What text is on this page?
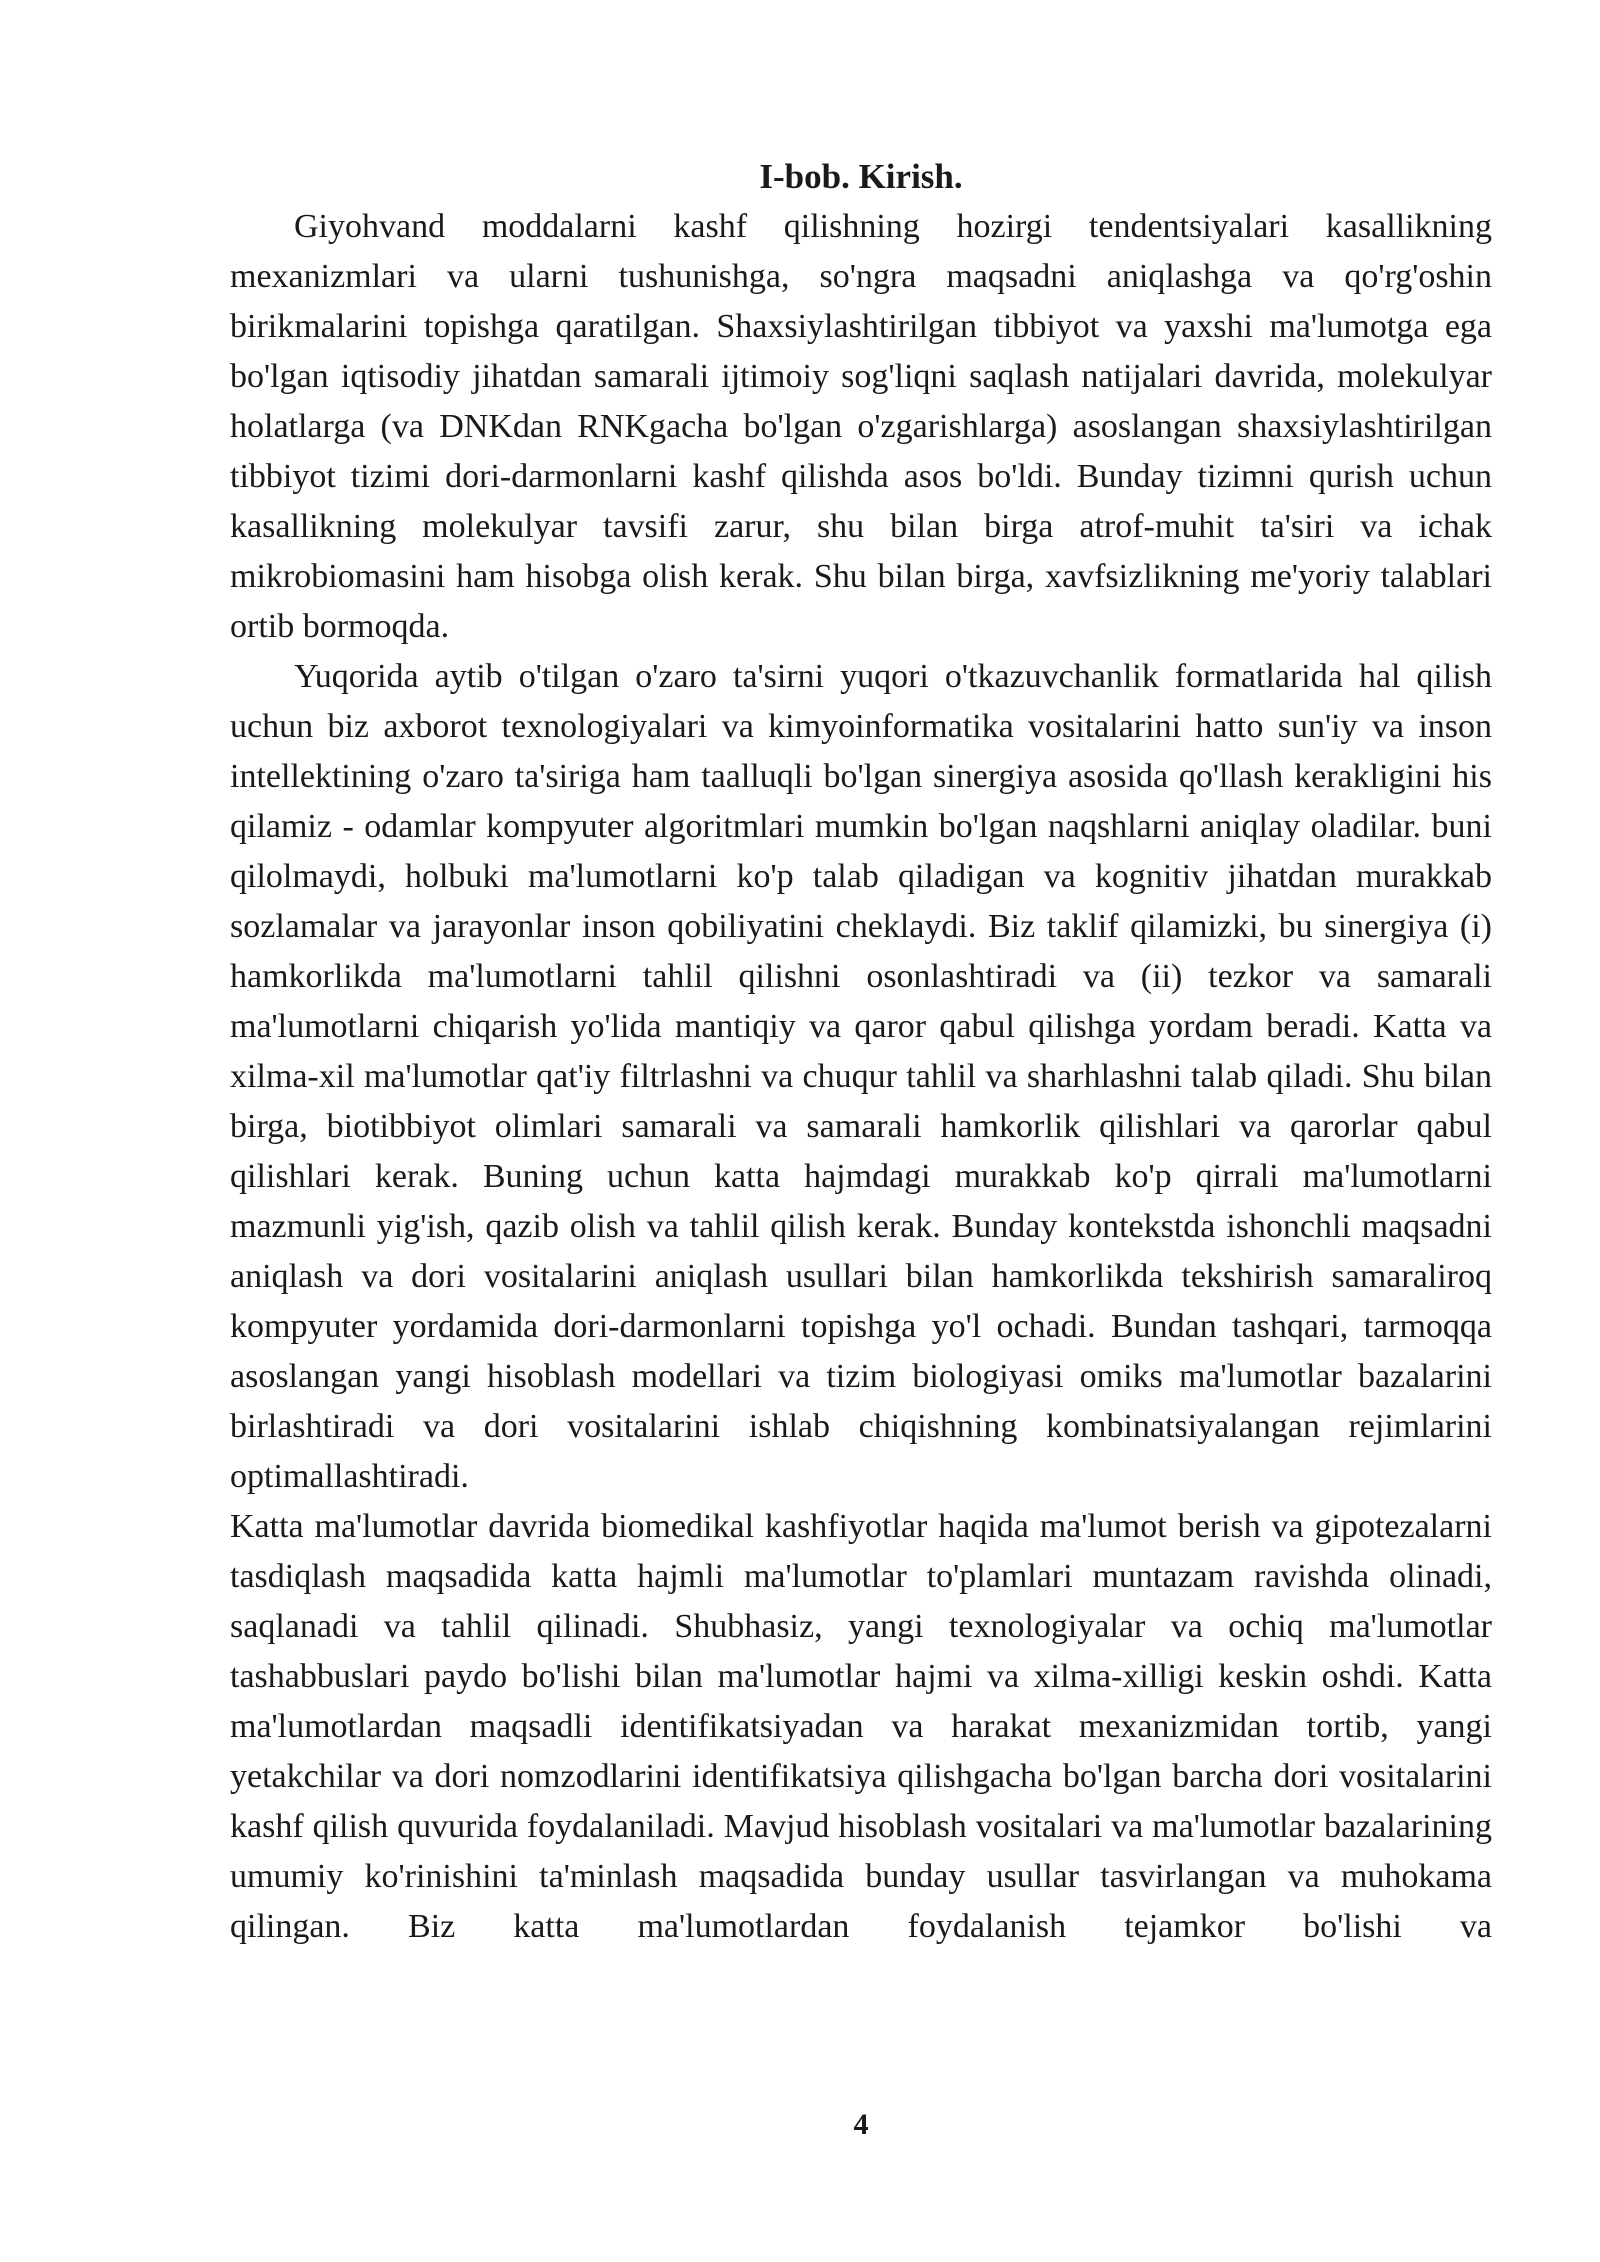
I-bob. Kirish.

Giyohvand moddalarni kashf qilishning hozirgi tendentsiyalari kasallikning mexanizmlari va ularni tushunishga, so'ngra maqsadni aniqlashga va qo'rg'oshin birikmalarini topishga qaratilgan. Shaxsiylashtirilgan tibbiyot va yaxshi ma'lumotga ega bo'lgan iqtisodiy jihatdan samarali ijtimoiy sog'liqni saqlash natijalari davrida, molekulyar holatlarga (va DNKdan RNKgacha bo'lgan o'zgarishlarga) asoslangan shaxsiylashtirilgan tibbiyot tizimi dori-darmonlarni kashf qilishda asos bo'ldi. Bunday tizimni qurish uchun kasallikning molekulyar tavsifi zarur, shu bilan birga atrof-muhit ta'siri va ichak mikrobiomasini ham hisobga olish kerak. Shu bilan birga, xavfsizlikning me'yoriy talablari ortib bormoqda.

Yuqorida aytib o'tilgan o'zaro ta'sirni yuqori o'tkazuvchanlik formatlarida hal qilish uchun biz axborot texnologiyalari va kimyoinformatika vositalarini hatto sun'iy va inson intellektining o'zaro ta'siriga ham taalluqli bo'lgan sinergiya asosida qo'llash kerakligini his qilamiz - odamlar kompyuter algoritmlari mumkin bo'lgan naqshlarni aniqlay oladilar. buni qilolmaydi, holbuki ma'lumotlarni ko'p talab qiladigan va kognitiv jihatdan murakkab sozlamalar va jarayonlar inson qobiliyatini cheklaydi. Biz taklif qilamizki, bu sinergiya (i) hamkorlikda ma'lumotlarni tahlil qilishni osonlashtiradi va (ii) tezkor va samarali ma'lumotlarni chiqarish yo'lida mantiqiy va qaror qabul qilishga yordam beradi. Katta va xilma-xil ma'lumotlar qat'iy filtrlashni va chuqur tahlil va sharhlashni talab qiladi. Shu bilan birga, biotibbiyot olimlari samarali va samarali hamkorlik qilishlari va qarorlar qabul qilishlari kerak. Buning uchun katta hajmdagi murakkab ko'p qirrali ma'lumotlarni mazmunli yig'ish, qazib olish va tahlil qilish kerak. Bunday kontekstda ishonchli maqsadni aniqlash va dori vositalarini aniqlash usullari bilan hamkorlikda tekshirish samaraliroq kompyuter yordamida dori-darmonlarni topishga yo'l ochadi. Bundan tashqari, tarmoqqa asoslangan yangi hisoblash modellari va tizim biologiyasi omiks ma'lumotlar bazalarini birlashtiradi va dori vositalarini ishlab chiqishning kombinatsiyalangan rejimlarini optimallashtiradi.

Katta ma'lumotlar davrida biomedikal kashfiyotlar haqida ma'lumot berish va gipotezalarni tasdiqlash maqsadida katta hajmli ma'lumotlar to'plamlari muntazam ravishda olinadi, saqlanadi va tahlil qilinadi. Shubhasiz, yangi texnologiyalar va ochiq ma'lumotlar tashabbuslari paydo bo'lishi bilan ma'lumotlar hajmi va xilma-xilligi keskin oshdi. Katta ma'lumotlardan maqsadli identifikatsiyadan va harakat mexanizmidan tortib, yangi yetakchilar va dori nomzodlarini identifikatsiya qilishgacha bo'lgan barcha dori vositalarini kashf qilish quvurida foydalaniladi. Mavjud hisoblash vositalari va ma'lumotlar bazalarining umumiy ko'rinishini ta'minlash maqsadida bunday usullar tasvirlangan va muhokama qilingan. Biz katta ma'lumotlardan foydalanish tejamkor bo'lishi va

4
